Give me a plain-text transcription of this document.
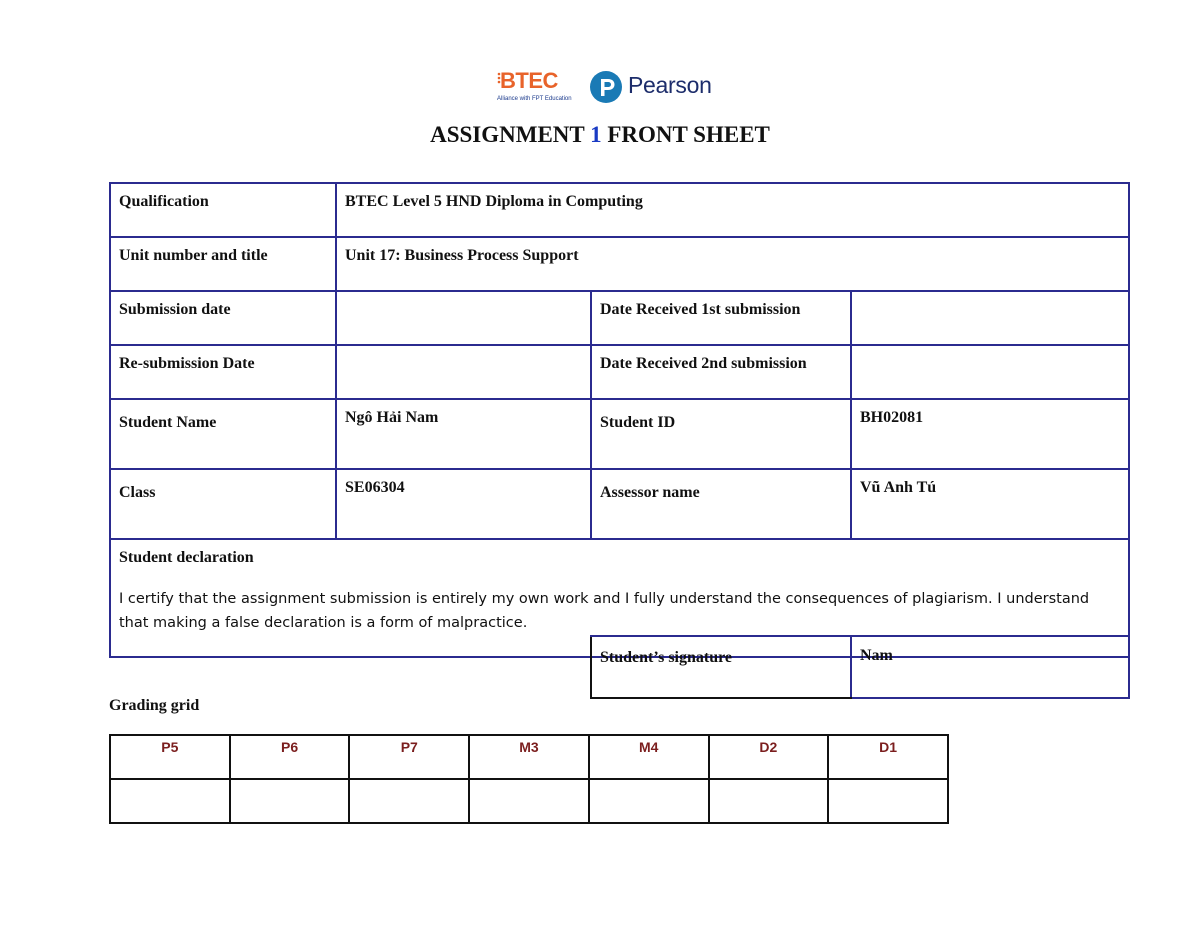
BTEC
Alliance with FPT Education
Pearson
ASSIGNMENT 1 FRONT SHEET
Qualification	BTEC Level 5 HND Diploma in Computing		
Unit number and title	Unit 17: Business Process Support		
Submission date		Date Received 1st submission	
Re-submission Date		Date Received 2nd submission	
Student Name	Ngô Hải Nam	Student ID	BH02081
Class	SE06304	Assessor name	Vũ Anh Tú

Student declaration
I certify that the assignment submission is entirely my own work and I fully understand the consequences of plagiarism. I understand that making a false declaration is a form of malpractice.			
Student’s signature	Nam
Grading grid
P5	P6	P7	M3	M4	D2	D1
